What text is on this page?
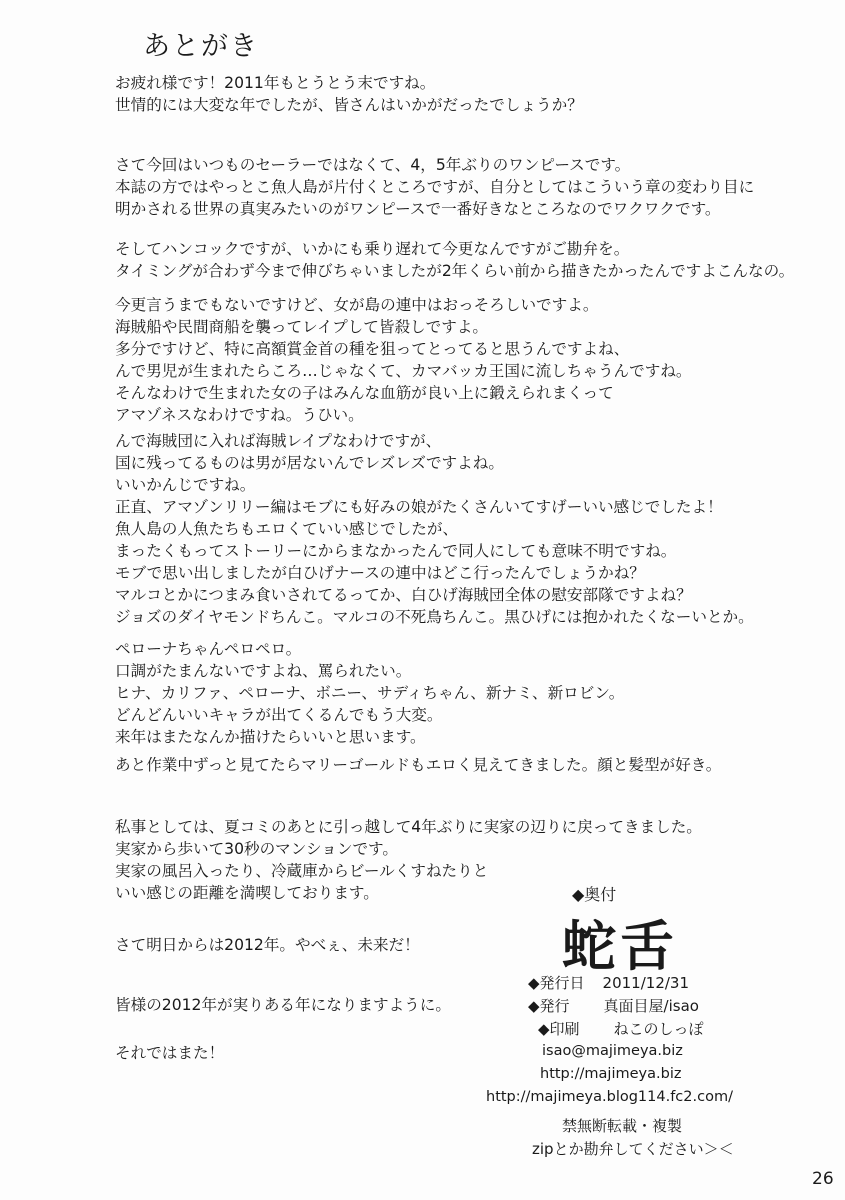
あとがき

お疲れ様です！2011年もとうとう末ですね。
世情的には大変な年でしたが、皆さんはいかがだったでしょうか？

さて今回はいつものセーラーではなくて、4，5年ぶりのワンピースです。
本誌の方ではやっとこ魚人島が片付くところですが、自分としてはこういう章の変わり目に
明かされる世界の真実みたいのがワンピースで一番好きなところなのでワクワクです。

そしてハンコックですが、いかにも乗り遅れて今更なんですがご勘弁を。
タイミングが合わず今まで伸びちゃいましたが2年くらい前から描きたかったんですよこんなの。

今更言うまでもないですけど、女が島の連中はおっそろしいですよ。
海賊船や民間商船を襲ってレイプして皆殺しですよ。
多分ですけど、特に高額賞金首の種を狙ってとってると思うんですよね、
んで男児が生まれたらころ…じゃなくて、カマバッカ王国に流しちゃうんですね。
そんなわけで生まれた女の子はみんな血筋が良い上に鍛えられまくって
アマゾネスなわけですね。うひい。

んで海賊団に入れば海賊レイプなわけですが、
国に残ってるものは男が居ないんでレズレズですよね。
いいかんじですね。
正直、アマゾンリリー編はモブにも好みの娘がたくさんいてすげーいい感じでしたよ！
魚人島の人魚たちもエロくていい感じでしたが、
まったくもってストーリーにからまなかったんで同人にしても意味不明ですね。
モブで思い出しましたが白ひげナースの連中はどこ行ったんでしょうかね？
マルコとかにつまみ食いされてるってか、白ひげ海賊団全体の慰安部隊ですよね？
ジョズのダイヤモンドちんこ。マルコの不死鳥ちんこ。黒ひげには抱かれたくなーいとか。

ペローナちゃんペロペロ。
口調がたまんないですよね、罵られたい。
ヒナ、カリファ、ペローナ、ボニー、サディちゃん、新ナミ、新ロビン。
どんどんいいキャラが出てくるんでもう大変。
来年はまたなんか描けたらいいと思います。

あと作業中ずっと見てたらマリーゴールドもエロく見えてきました。顔と髪型が好き。

私事としては、夏コミのあとに引っ越して4年ぶりに実家の辺りに戻ってきました。
実家から歩いて30秒のマンションです。
実家の風呂入ったり、冷蔵庫からビールくすねたりと
いい感じの距離を満喫しております。

さて明日からは2012年。やべぇ、未来だ！

皆様の2012年が実りある年になりますように。

それではまた！

◆奥付
蛇舌
◆発行日 2011/12/31
◆発行 真面目屋/isao
◆印刷 ねこのしっぽ
isao@majimeya.biz
http://majimeya.biz
http://majimeya.blog114.fc2.com/
禁無断転載・複製
zipとか勘弁してください＞＜
26
